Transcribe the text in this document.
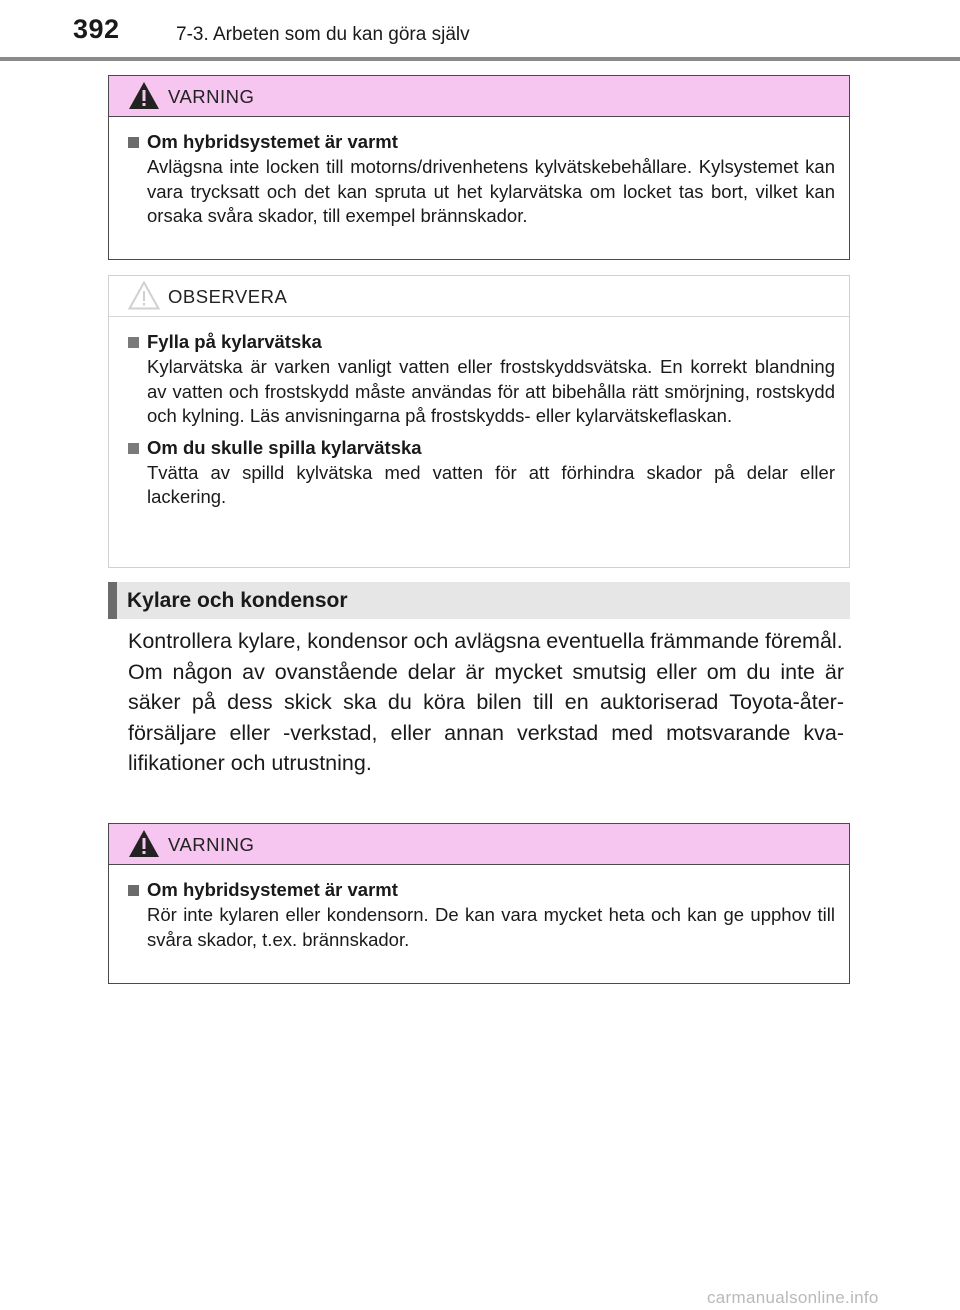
392	7-3. Arbeten som du kan göra själv
VARNING
Om hybridsystemet är varmt
Avlägsna inte locken till motorns/drivenhetens kylvätskebehållare. Kylsystemet kan vara trycksatt och det kan spruta ut het kylarvätska om locket tas bort, vilket kan orsaka svåra skador, till exempel brännskador.
OBSERVERA
Fylla på kylarvätska
Kylarvätska är varken vanligt vatten eller frostskyddsvätska. En korrekt blandning av vatten och frostskydd måste användas för att bibehålla rätt smörjning, rostskydd och kylning. Läs anvisningarna på frostskydds- eller kylarvätskeflaskan.
Om du skulle spilla kylarvätska
Tvätta av spilld kylvätska med vatten för att förhindra skador på delar eller lackering.
Kylare och kondensor

Kontrollera kylare, kondensor och avlägsna eventuella främmande föremål.

Om någon av ovanstående delar är mycket smutsig eller om du inte är säker på dess skick ska du köra bilen till en auktoriserad Toyota-åter-försäljare eller -verkstad, eller annan verkstad med motsvarande kva-lifikationer och utrustning.

VARNING
Om hybridsystemet är varmt
Rör inte kylaren eller kondensorn. De kan vara mycket heta och kan ge upphov till svåra skador, t.ex. brännskador.
carmanualsonline.info
